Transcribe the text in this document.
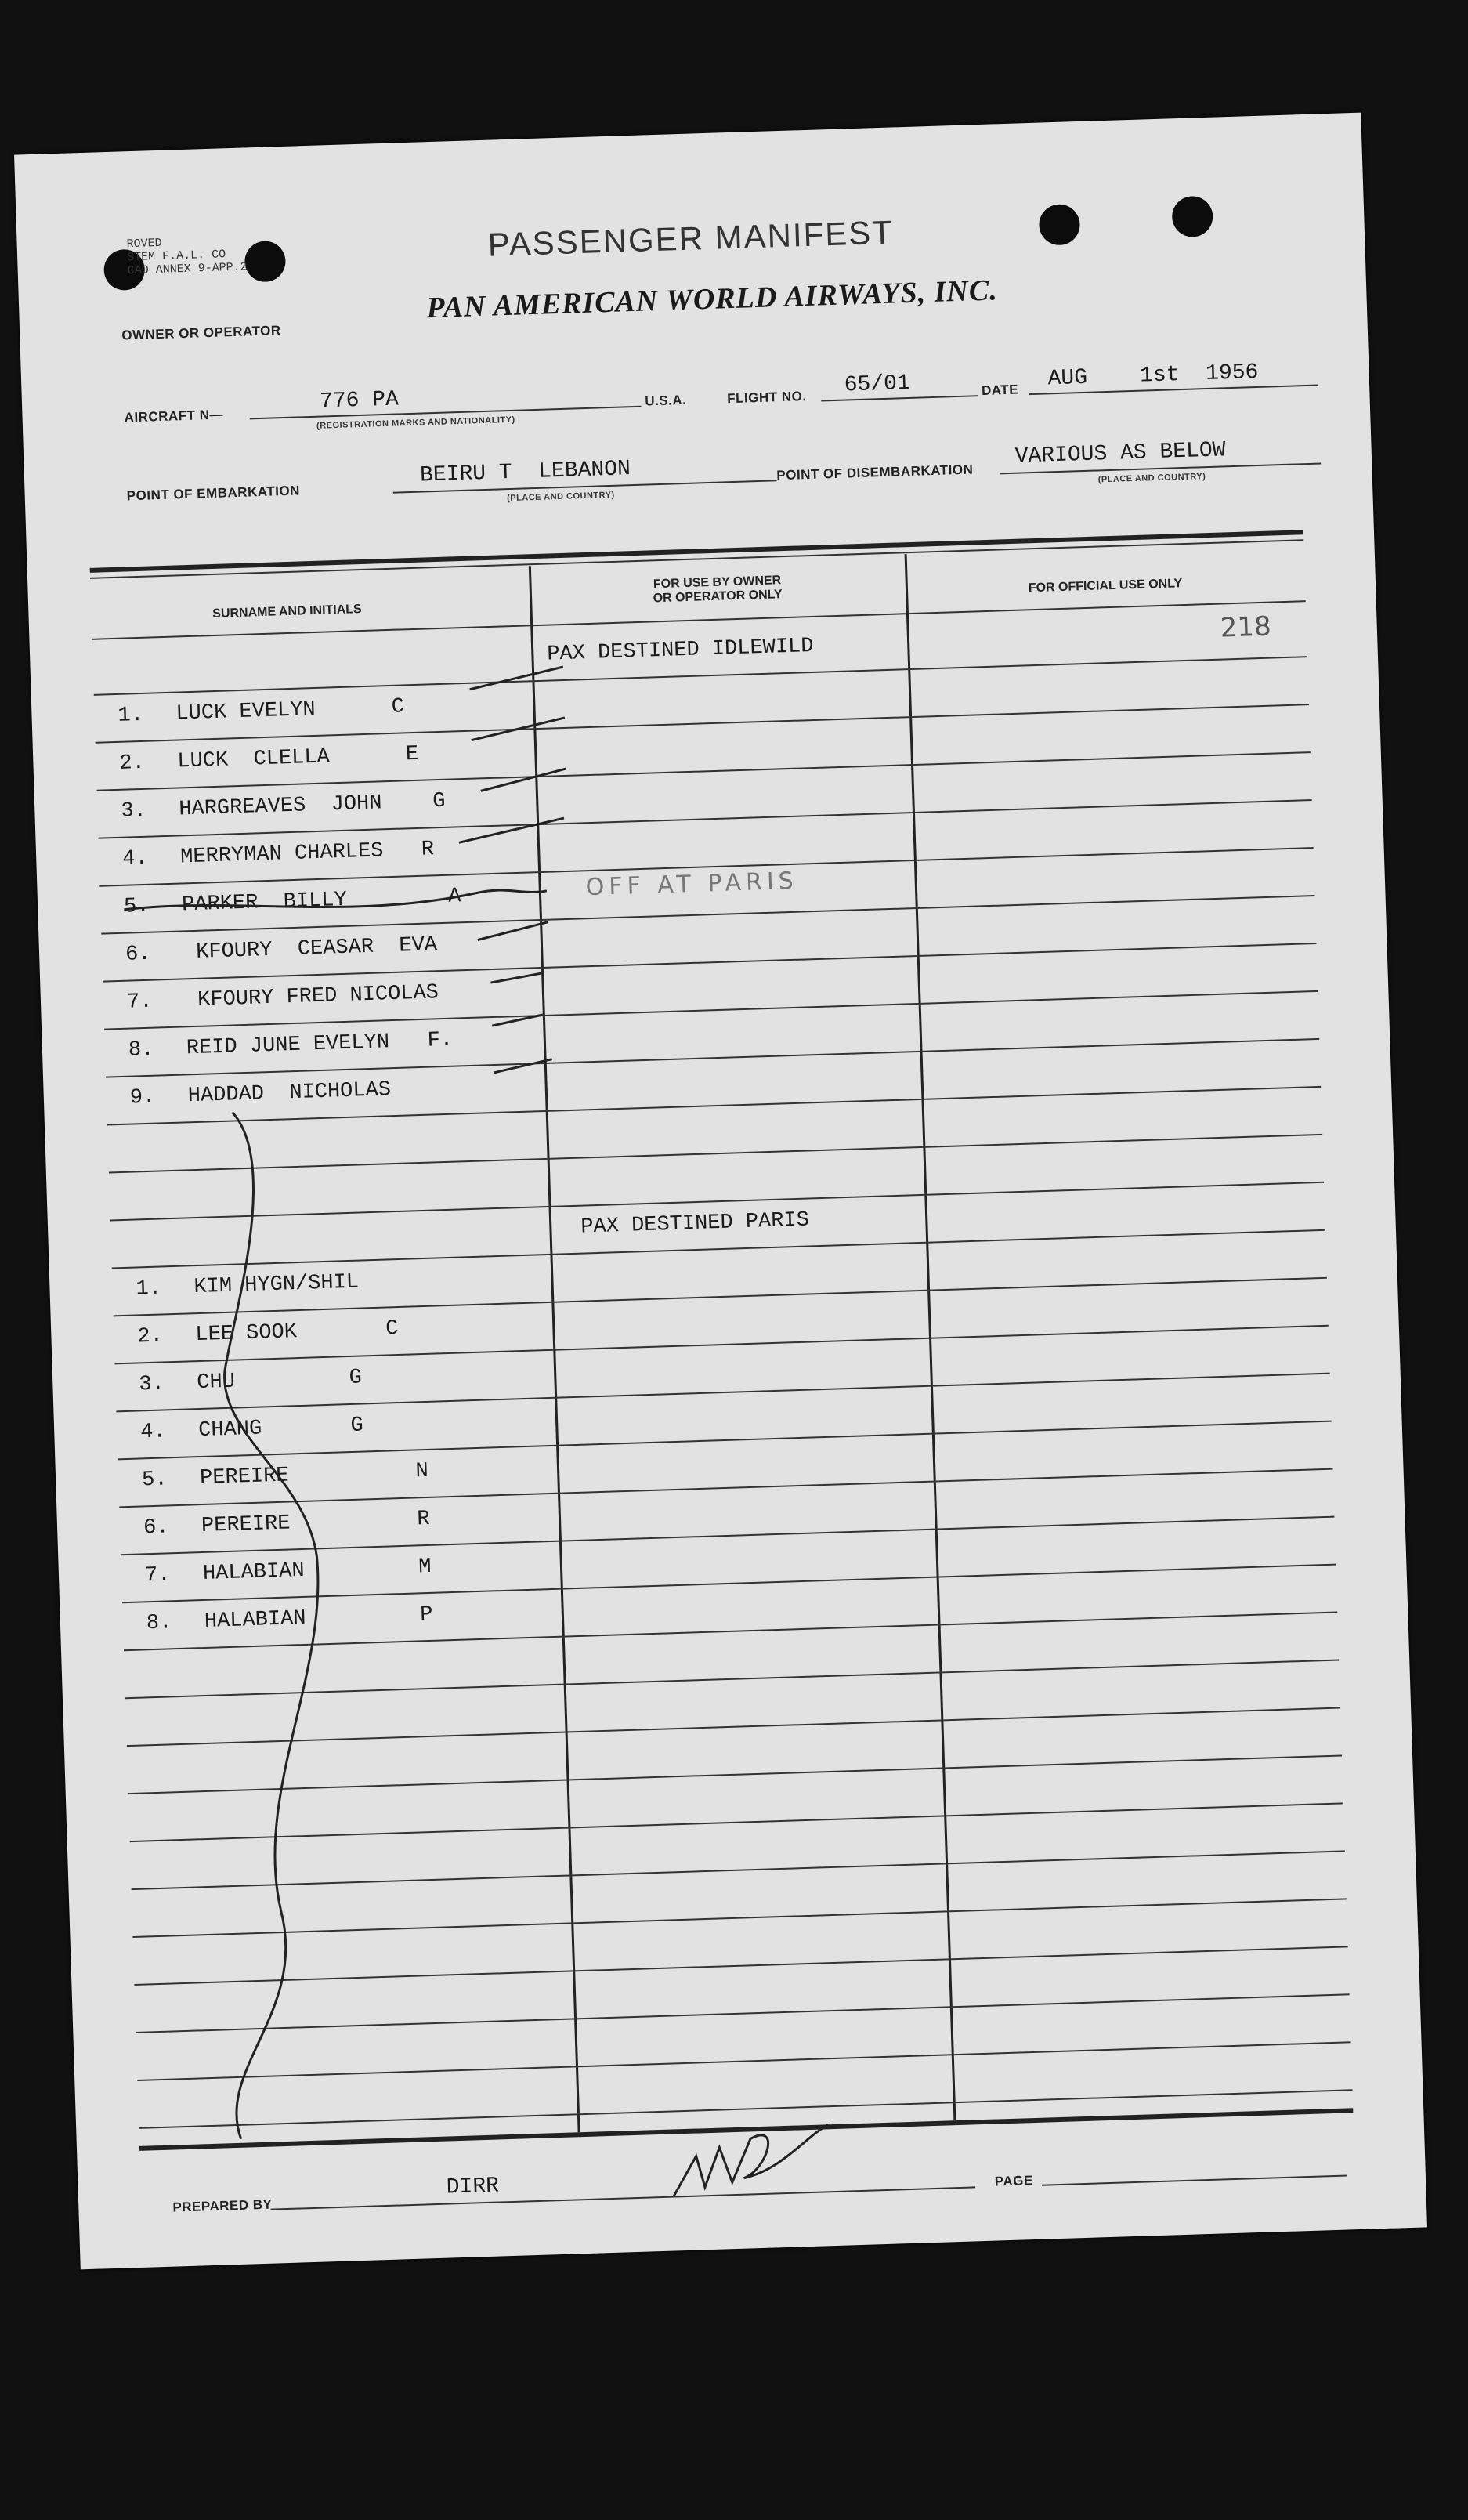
ROVED
STEM F.A.L. CO
CAO ANNEX 9-APP.2
PASSENGER MANIFEST
OWNER OR OPERATOR
PAN AMERICAN WORLD AIRWAYS, INC.
AIRCRAFT N—
776 PA
(REGISTRATION MARKS AND NATIONALITY)
U.S.A.	FLIGHT NO. 65/01	DATE AUG    1st  1956
POINT OF EMBARKATION
BEIRU T  LEBANON
(PLACE AND COUNTRY)
POINT OF DISEMBARKATION
VARIOUS AS BELOW
(PLACE AND COUNTRY)
SURNAME AND INITIALS
FOR USE BY OWNER
OR OPERATOR ONLY
FOR OFFICIAL USE ONLY
218
PAX DESTINED IDLEWILD
1. LUCK EVELYN      C
2. LUCK  CLELLA      E
3. HARGREAVES  JOHN    G
4. MERRYMAN CHARLES   R
5. PARKER  BILLY        A
6. KFOURY  CEASAR  EVA
7. KFOURY FRED NICOLAS
8. REID JUNE EVELYN   F.
9. HADDAD  NICHOLAS
PAX DESTINED PARIS
1. KIM HYGN/SHIL
2. LEE SOOK       C
3. CHU         G
4. CHANG       G
5. PEREIRE          N
6. PEREIRE          R
7. HALABIAN         M
8. HALABIAN         P
PREPARED BY
DIRR	PAGE
OFF AT PARIS
